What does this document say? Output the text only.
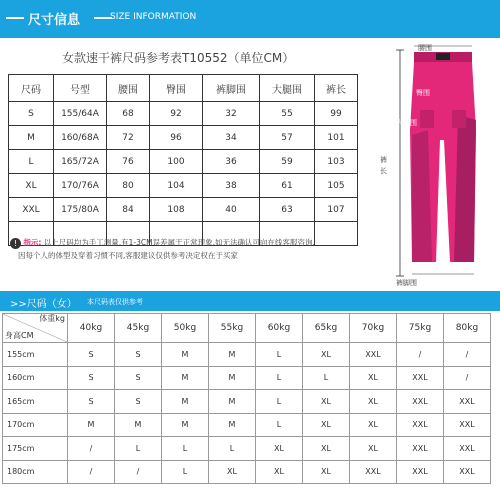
尺寸信息	SIZE INFORMATION
女款速干裤尺码参考表T10552（单位CM）
尺码	号型	腰围	臀围	裤脚围	大腿围	裤长
S	155/64A	68	92	32	55	99
M	160/68A	72	96	34	57	101
L	165/72A	76	100	36	59	103
XL	170/76A	80	104	38	61	105
XXL	175/80A	84	108	40	63	107

! 指示: 以上尺码均为手工测量,有1-3CM误差属于正常现象,如无法确认可向在线客服咨询,
因每个人的体型及穿着习惯不同,客服建议仅供参考决定权在于买家
腰围
臀围
大腿围
裤长
裤脚围
>>尺码（女） 本尺码表仅供参考
体重kg
身高CM	40kg	45kg	50kg	55kg	60kg	65kg	70kg	75kg	80kg
155cm	S	S	M	M	L	XL	XXL	/	/
160cm	S	S	M	M	L	L	XL	XXL	/
165cm	S	S	M	M	L	XL	XL	XXL	XXL
170cm	M	M	M	M	L	XL	XL	XXL	XXL
175cm	/	L	L	L	XL	XL	XL	XXL	XXL
180cm	/	/	L	XL	XL	XL	XXL	XXL	XXL
